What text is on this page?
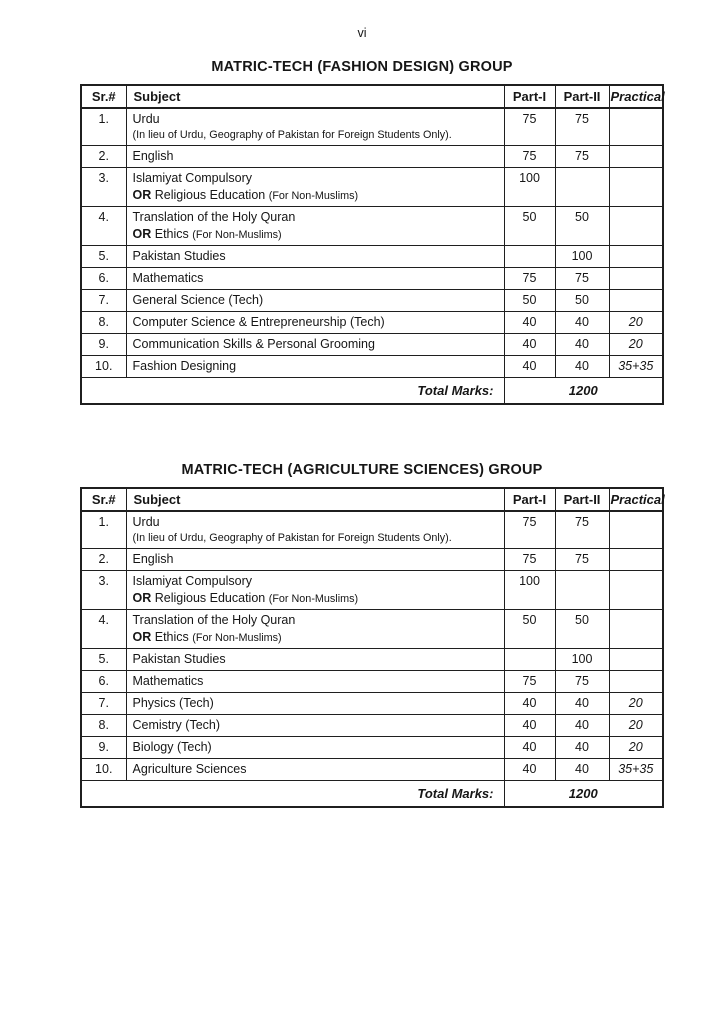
vi
MATRIC-TECH (FASHION DESIGN) GROUP
Sr.#	Subject	Part-I	Part-II	Practical
1.	Urdu
(In lieu of Urdu, Geography of Pakistan for Foreign Students Only).	75	75	
2.	English	75	75	
3.	Islamiyat Compulsory
OR Religious Education (For Non-Muslims)	100		
4.	Translation of the Holy Quran
OR Ethics (For Non-Muslims)	50	50	
5.	Pakistan Studies		100	
6.	Mathematics	75	75	
7.	General Science (Tech)	50	50	
8.	Computer Science & Entrepreneurship (Tech)	40	40	20
9.	Communication Skills & Personal Grooming	40	40	20
10.	Fashion Designing	40	40	35+35
Total Marks:		1200		
MATRIC-TECH (AGRICULTURE SCIENCES) GROUP
Sr.#	Subject	Part-I	Part-II	Practical
1.	Urdu
(In lieu of Urdu, Geography of Pakistan for Foreign Students Only).	75	75	
2.	English	75	75	
3.	Islamiyat Compulsory
OR Religious Education (For Non-Muslims)	100		
4.	Translation of the Holy Quran
OR Ethics (For Non-Muslims)	50	50	
5.	Pakistan Studies		100	
6.	Mathematics	75	75	
7.	Physics (Tech)	40	40	20
8.	Cemistry (Tech)	40	40	20
9.	Biology (Tech)	40	40	20
10.	Agriculture Sciences	40	40	35+35
Total Marks:		1200		
